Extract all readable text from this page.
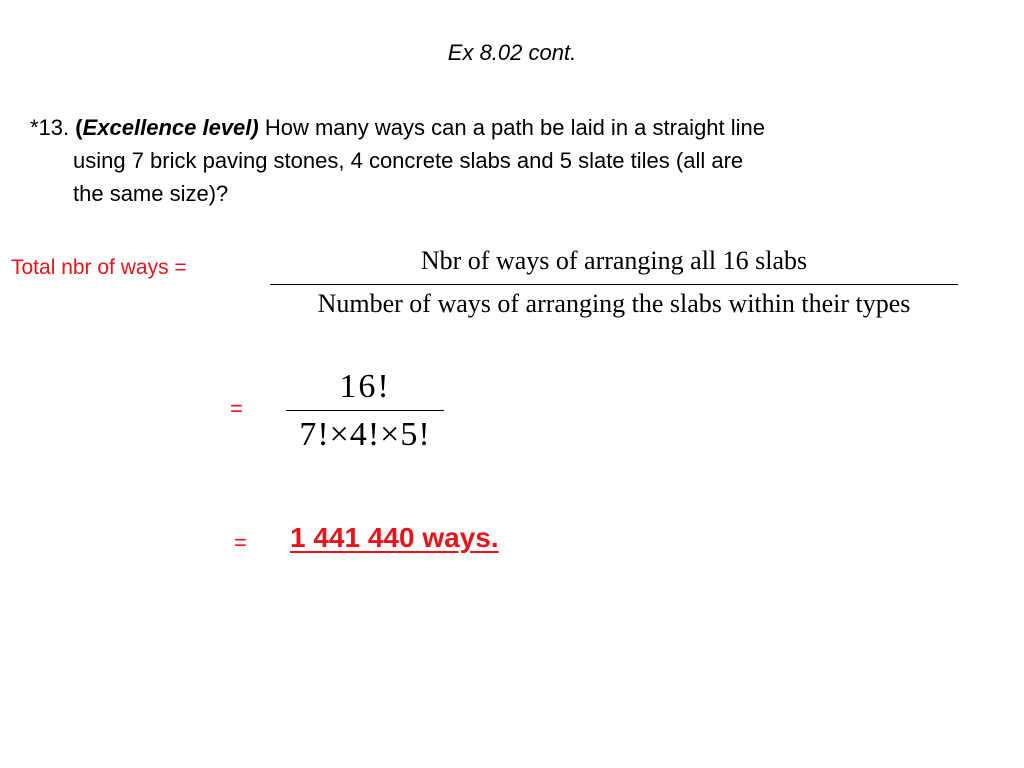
Ex 8.02 cont.
*13. (Excellence level) How many ways can a path be laid in a straight line
using 7 brick paving stones, 4 concrete slabs and 5 slate tiles (all are
the same size)?
Total nbr of ways =	Nbr of ways of arranging all 16 slabs
Number of ways of arranging the slabs within their types
=
16!
7!×4!×5!
= 1 441 440 ways.
